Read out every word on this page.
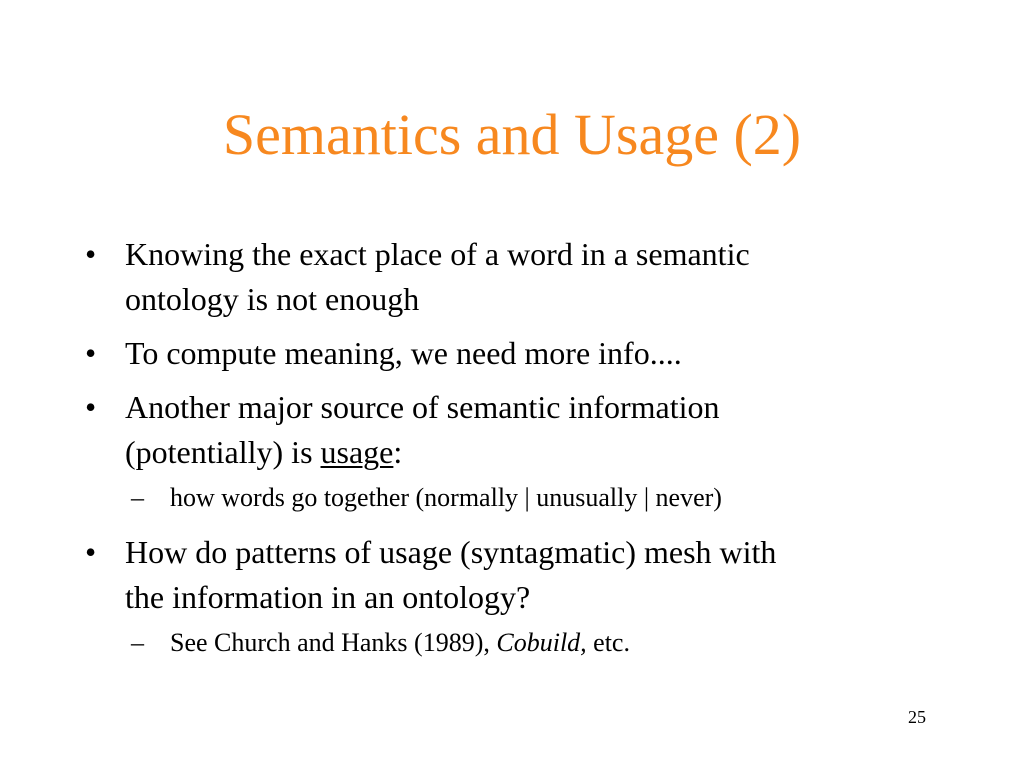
Semantics and Usage (2)
• Knowing the exact place of a word in a semantic
ontology is not enough
• To compute meaning, we need more info....
• Another major source of semantic information
(potentially) is usage:
– how words go together (normally | unusually | never)
• How do patterns of usage (syntagmatic) mesh with
the information in an ontology?
– See Church and Hanks (1989), Cobuild, etc.
25
